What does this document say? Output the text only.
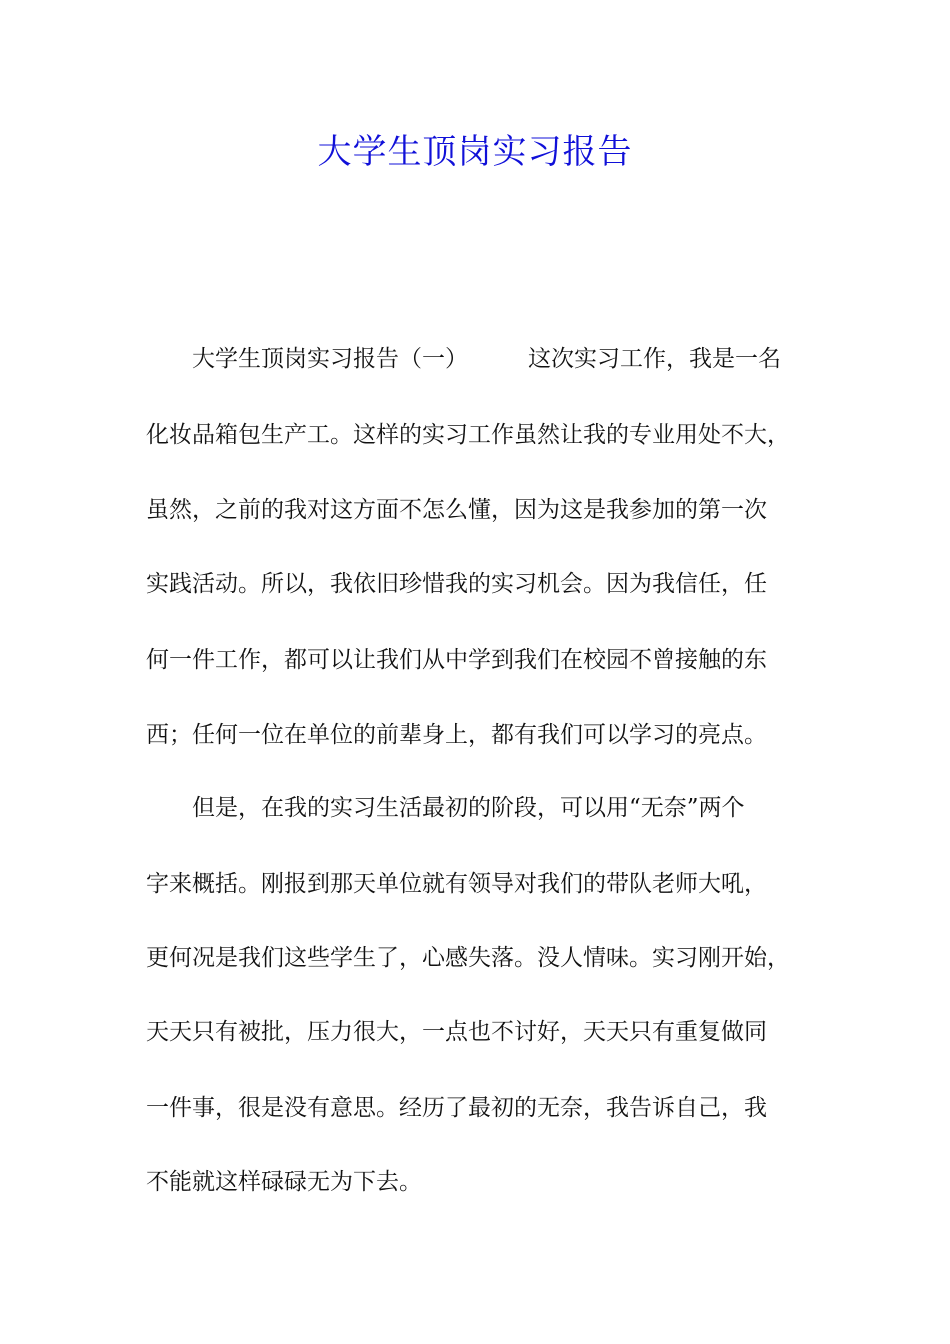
大学生顶岗实习报告
大学生顶岗实习报告（一）	这次实习工作，我是一名
化妆品箱包生产工。这样的实习工作虽然让我的专业用处不大，
虽然，之前的我对这方面不怎么懂，因为这是我参加的第一次
实践活动。所以，我依旧珍惜我的实习机会。因为我信任，任
何一件工作，都可以让我们从中学到我们在校园不曾接触的东
西；任何一位在单位的前辈身上，都有我们可以学习的亮点。
但是，在我的实习生活最初的阶段，可以用“无奈”两个
字来概括。刚报到那天单位就有领导对我们的带队老师大吼，
更何况是我们这些学生了，心感失落。没人情味。实习刚开始，
天天只有被批，压力很大，一点也不讨好，天天只有重复做同
一件事，很是没有意思。经历了最初的无奈，我告诉自己，我
不能就这样碌碌无为下去。
